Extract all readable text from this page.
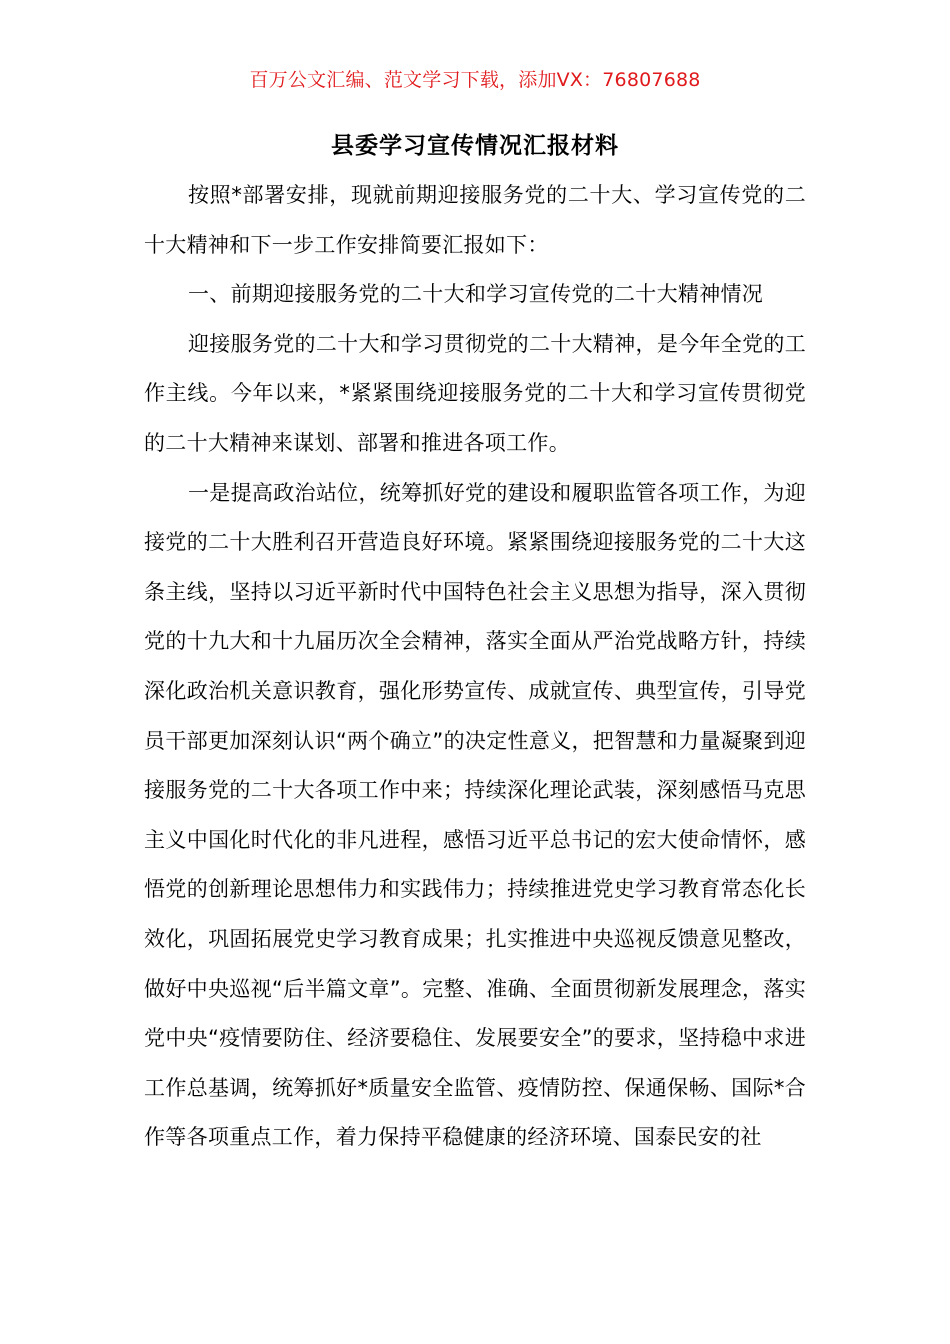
百万公文汇编、范文学习下载，添加VX：76807688
县委学习宣传情况汇报材料

按照*部署安排，现就前期迎接服务党的二十大、学习宣传党的二十大精神和下一步工作安排简要汇报如下：

一、前期迎接服务党的二十大和学习宣传党的二十大精神情况

迎接服务党的二十大和学习贯彻党的二十大精神，是今年全党的工作主线。今年以来，*紧紧围绕迎接服务党的二十大和学习宣传贯彻党的二十大精神来谋划、部署和推进各项工作。

一是提高政治站位，统筹抓好党的建设和履职监管各项工作，为迎接党的二十大胜利召开营造良好环境。紧紧围绕迎接服务党的二十大这条主线，坚持以习近平新时代中国特色社会主义思想为指导，深入贯彻党的十九大和十九届历次全会精神，落实全面从严治党战略方针，持续深化政治机关意识教育，强化形势宣传、成就宣传、典型宣传，引导党员干部更加深刻认识“两个确立”的决定性意义，把智慧和力量凝聚到迎接服务党的二十大各项工作中来；持续深化理论武装，深刻感悟马克思主义中国化时代化的非凡进程，感悟习近平总书记的宏大使命情怀，感悟党的创新理论思想伟力和实践伟力；持续推进党史学习教育常态化长效化，巩固拓展党史学习教育成果；扎实推进中央巡视反馈意见整改，做好中央巡视“后半篇文章”。完整、准确、全面贯彻新发展理念，落实党中央“疫情要防住、经济要稳住、发展要安全”的要求，坚持稳中求进工作总基调，统筹抓好*质量安全监管、疫情防控、保通保畅、国际*合作等各项重点工作，着力保持平稳健康的经济环境、国泰民安的社
